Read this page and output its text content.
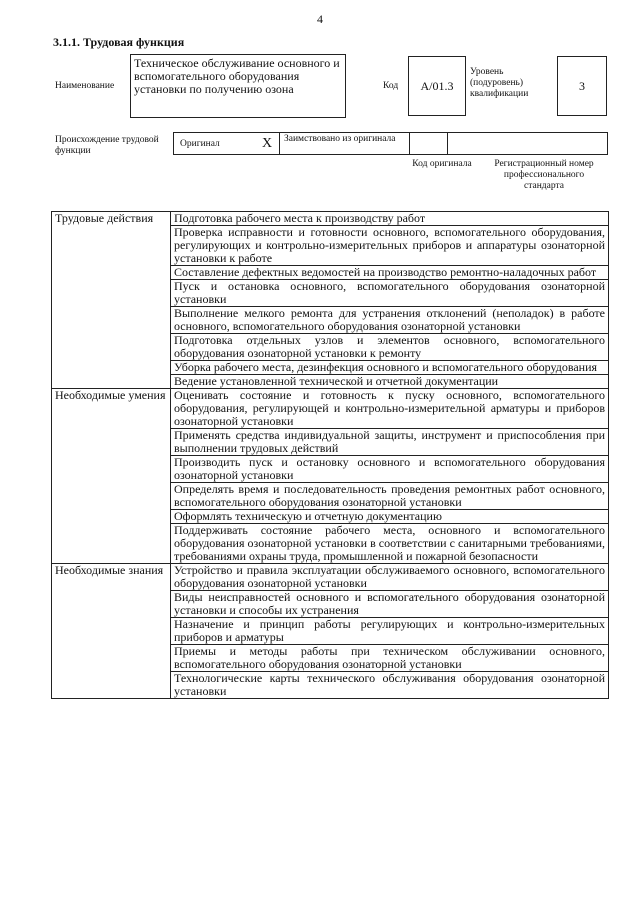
4
3.1.1. Трудовая функция
Наименование
Техническое обслуживание основного и вспомогательного оборудования установки по получению озона	Код A/01.3
Уровень (подуровень) квалификации
3
Происхождение трудовой функции
Оригинал	X Заимствовано из оригинала
Код оригинала	Регистрационный номер профессионального стандарта
Трудовые действия	Подготовка рабочего места к производству работ
	Проверка исправности и готовности основного, вспомогательного оборудования, регулирующих и контрольно-измерительных приборов и аппаратуры озонаторной установки к работе
	Составление дефектных ведомостей на производство ремонтно-наладочных работ
	Пуск и остановка основного, вспомогательного оборудования озонаторной установки
	Выполнение мелкого ремонта для устранения отклонений (неполадок) в работе основного, вспомогательного оборудования озонаторной установки
	Подготовка отдельных узлов и элементов основного, вспомогательного оборудования озонаторной установки к ремонту
	Уборка рабочего места, дезинфекция основного и вспомогательного оборудования
	Ведение установленной технической и отчетной документации
Необходимые умения	Оценивать состояние и готовность к пуску основного, вспомогательного оборудования, регулирующей и контрольно-измерительной арматуры и приборов озонаторной установки
	Применять средства индивидуальной защиты, инструмент и приспособления при выполнении трудовых действий
	Производить пуск и остановку основного и вспомогательного оборудования озонаторной установки
	Определять время и последовательность проведения ремонтных работ основного, вспомогательного оборудования озонаторной установки
	Оформлять техническую и отчетную документацию
	Поддерживать состояние рабочего места, основного и вспомогательного оборудования озонаторной установки в соответствии с санитарными требованиями, требованиями охраны труда, промышленной и пожарной безопасности
Необходимые знания	Устройство и правила эксплуатации обслуживаемого основного, вспомогательного оборудования озонаторной установки
	Виды неисправностей основного и вспомогательного оборудования озонаторной установки и способы их устранения
	Назначение и принцип работы регулирующих и контрольно-измерительных приборов и арматуры
	Приемы и методы работы при техническом обслуживании основного, вспомогательного оборудования озонаторной установки
	Технологические карты технического обслуживания оборудования озонаторной установки
